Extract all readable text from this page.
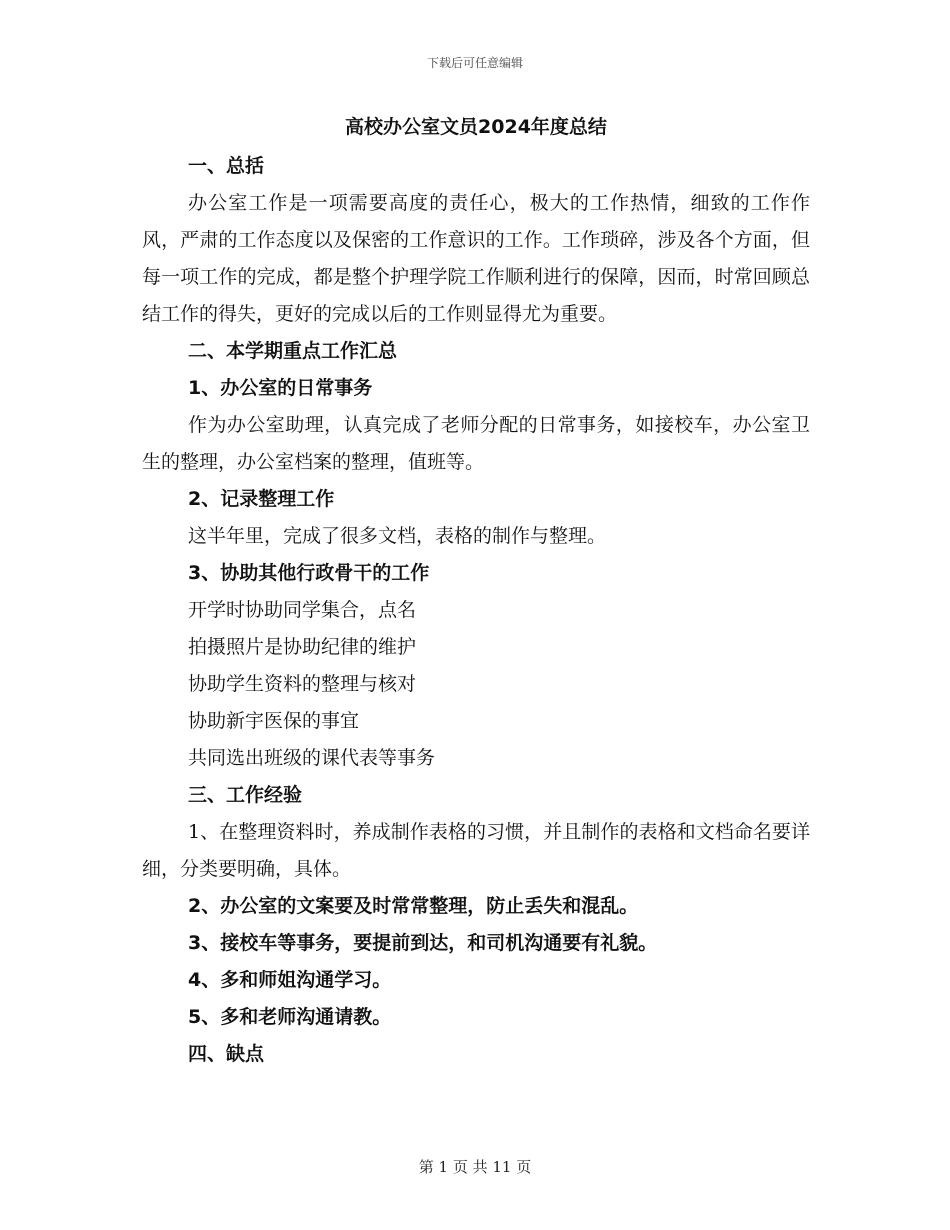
下载后可任意编辑
高校办公室文员2024年度总结

一、总括

办公室工作是一项需要高度的责任心，极大的工作热情，细致的工作作风，严肃的工作态度以及保密的工作意识的工作。工作琐碎，涉及各个方面，但每一项工作的完成，都是整个护理学院工作顺利进行的保障，因而，时常回顾总结工作的得失，更好的完成以后的工作则显得尤为重要。

二、本学期重点工作汇总

1、办公室的日常事务

作为办公室助理，认真完成了老师分配的日常事务，如接校车，办公室卫生的整理，办公室档案的整理，值班等。

2、记录整理工作

这半年里，完成了很多文档，表格的制作与整理。

3、协助其他行政骨干的工作

开学时协助同学集合，点名

拍摄照片是协助纪律的维护

协助学生资料的整理与核对

协助新宇医保的事宜

共同选出班级的课代表等事务

三、工作经验

1、在整理资料时，养成制作表格的习惯，并且制作的表格和文档命名要详细，分类要明确，具体。

2、办公室的文案要及时常常整理，防止丢失和混乱。

3、接校车等事务，要提前到达，和司机沟通要有礼貌。

4、多和师姐沟通学习。

5、多和老师沟通请教。

四、缺点

第 1 页 共 11 页
